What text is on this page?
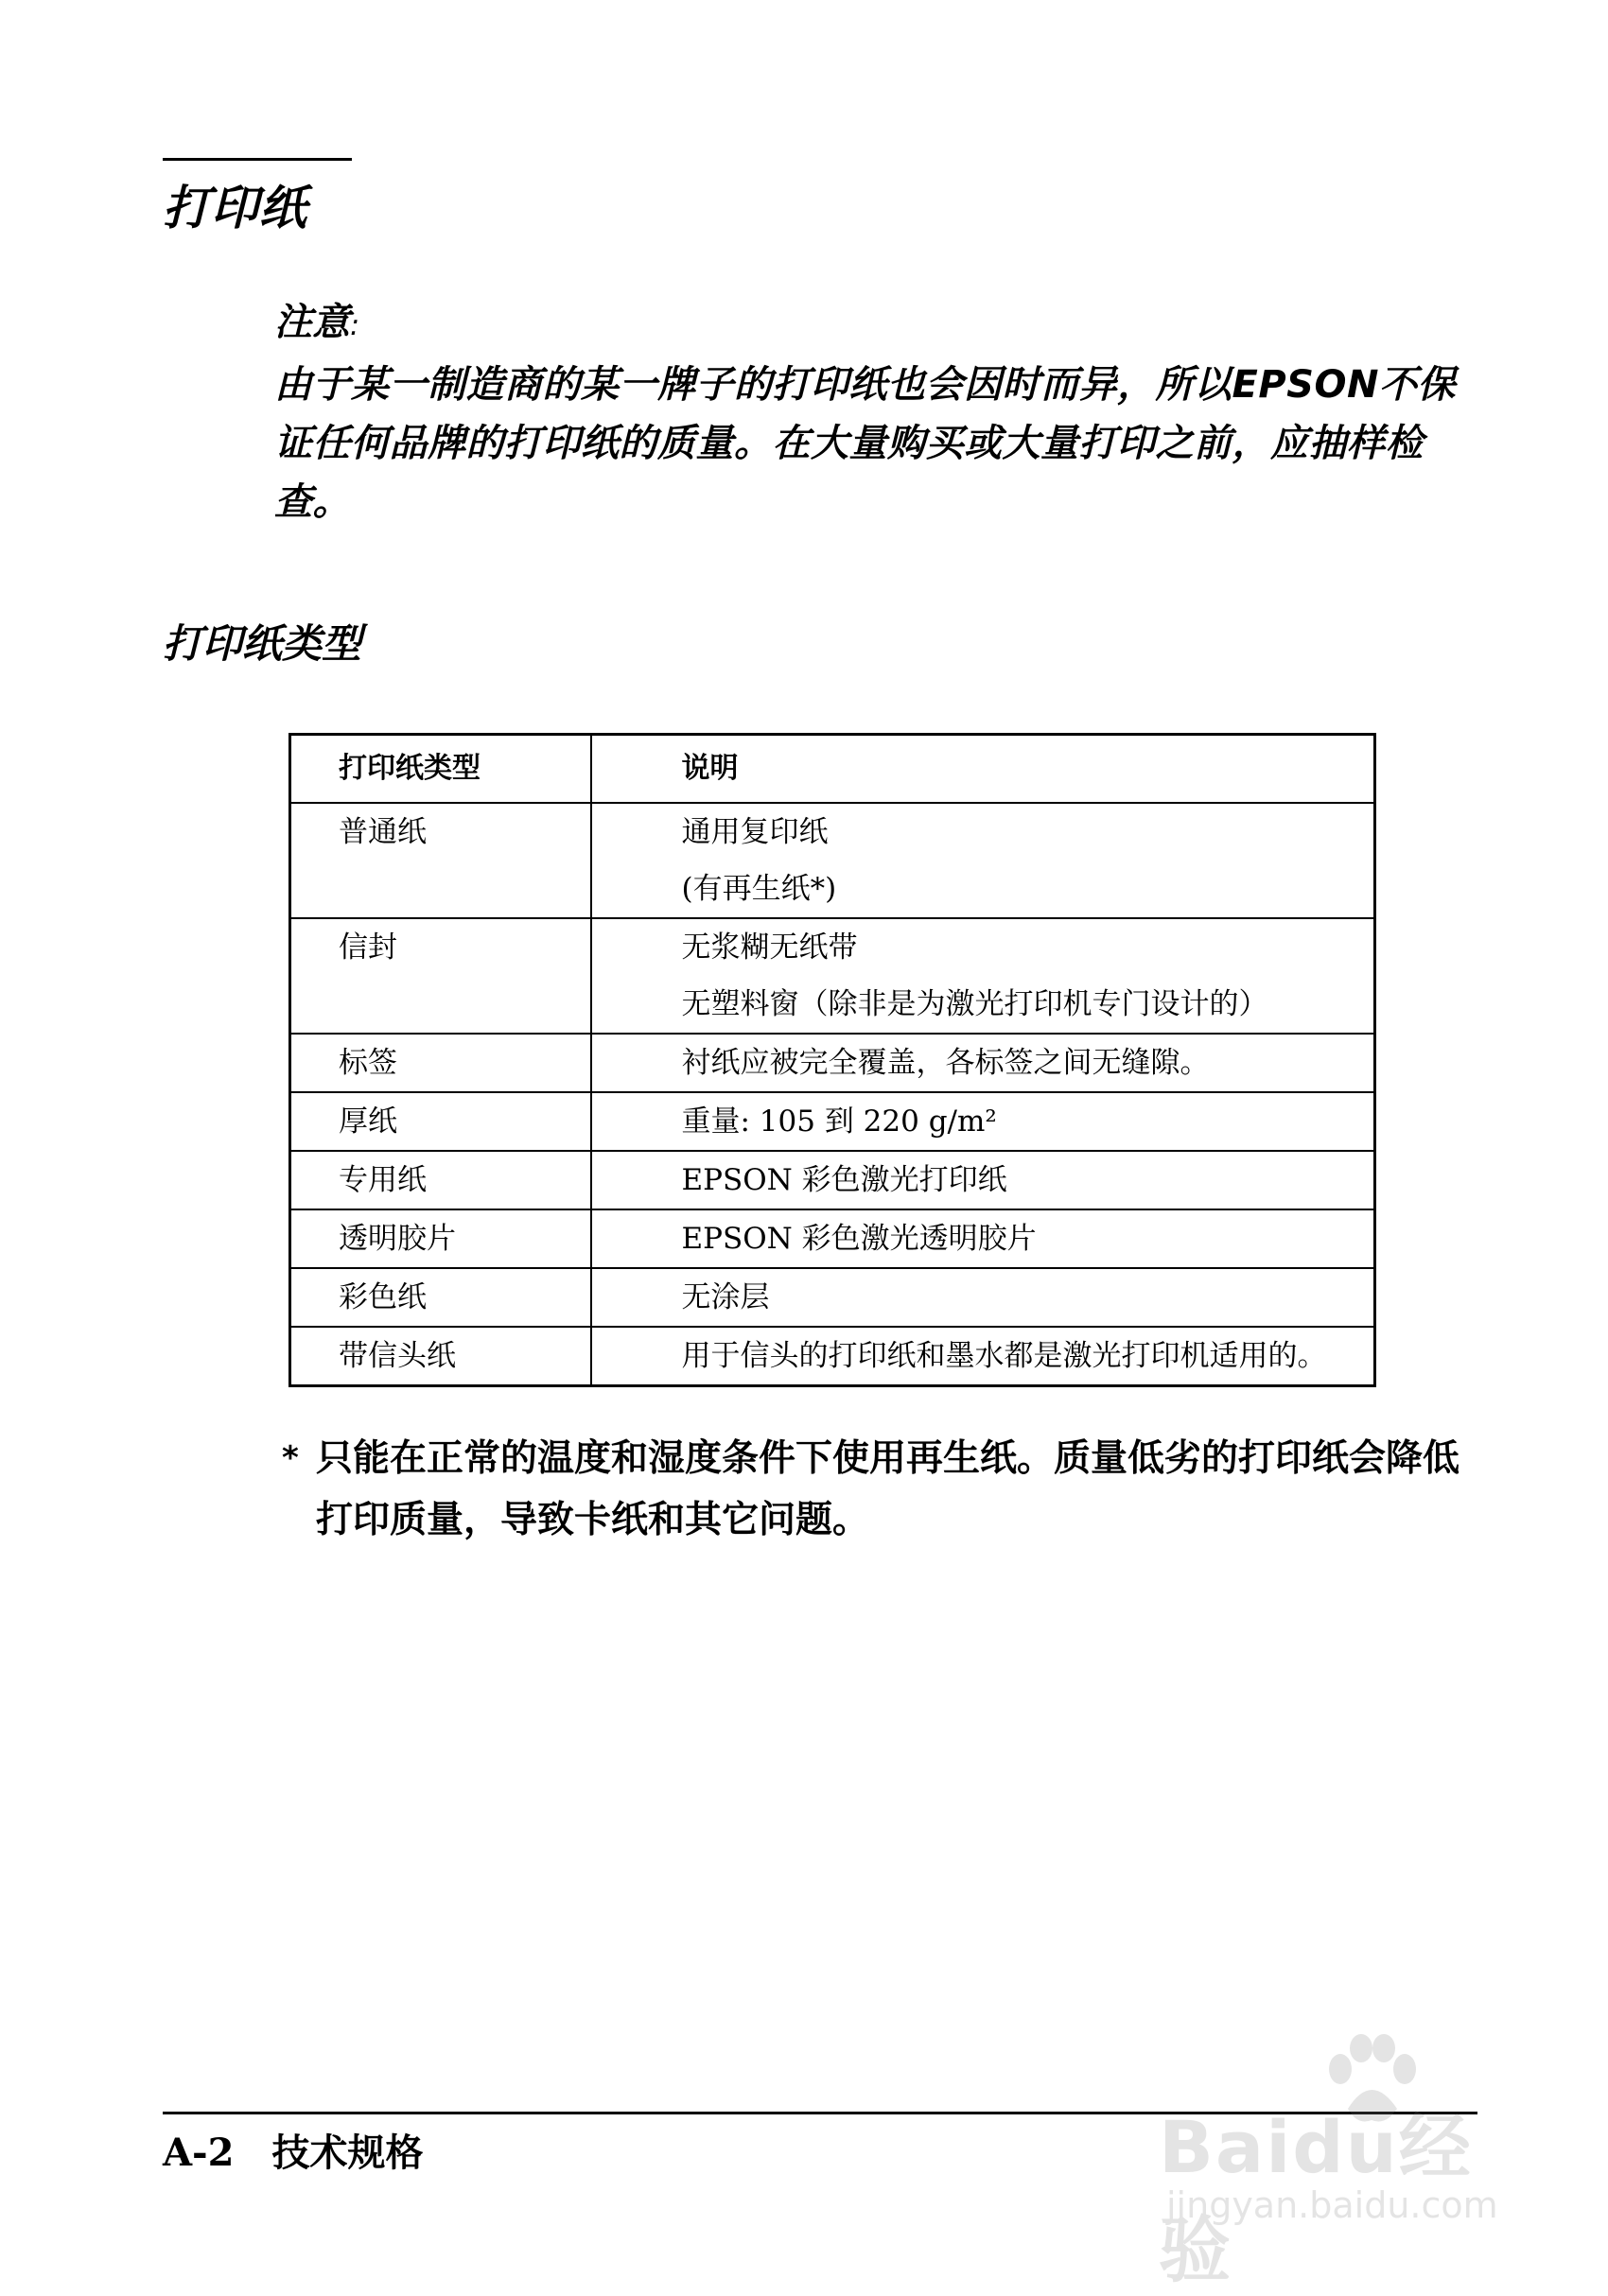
打印纸
注意:
由于某一制造商的某一牌子的打印纸也会因时而异，所以EPSON不保证任何品牌的打印纸的质量。在大量购买或大量打印之前，应抽样检查。
打印纸类型
打印纸类型	说明

普通纸	通用复印纸
(有再生纸*)

信封	无浆糊无纸带
无塑料窗（除非是为激光打印机专门设计的）

标签	衬纸应被完全覆盖，各标签之间无缝隙。

厚纸	重量: 105 到 220 g/m²

专用纸	EPSON 彩色激光打印纸

透明胶片	EPSON 彩色激光透明胶片

彩色纸	无涂层

带信头纸	用于信头的打印纸和墨水都是激光打印机适用的。

* 只能在正常的温度和湿度条件下使用再生纸。质量低劣的打印纸会降低打印质量，导致卡纸和其它问题。

A-2 技术规格	Baidu经验
jingyan.baidu.com
